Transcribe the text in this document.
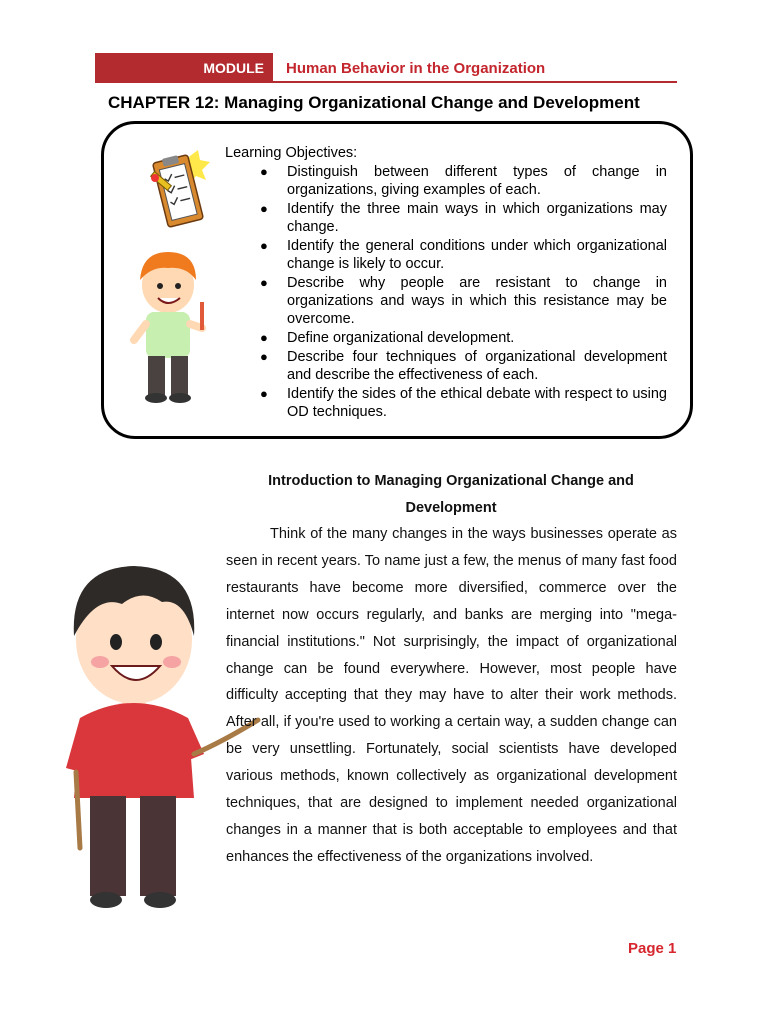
MODULE	Human Behavior in the Organization
CHAPTER 12: Managing Organizational Change and Development
Learning Objectives:
● Distinguish between different types of change in organizations, giving examples of each.
● Identify the three main ways in which organizations may change.
● Identify the general conditions under which organizational change is likely to occur.
● Describe why people are resistant to change in organizations and ways in which this resistance may be overcome.
● Define organizational development.
● Describe four techniques of organizational development and describe the effectiveness of each.
● Identify the sides of the ethical debate with respect to using OD techniques.
Introduction to Managing Organizational Change and Development

Think of the many changes in the ways businesses operate as seen in recent years. To name just a few, the menus of many fast food restaurants have become more diversified, commerce over the internet now occurs regularly, and banks are merging into "mega-financial institutions." Not surprisingly, the impact of organizational change can be found everywhere. However, most people have difficulty accepting that they may have to alter their work methods. After all, if you're used to working a certain way, a sudden change can be very unsettling. Fortunately, social scientists have developed various methods, known collectively as organizational development techniques, that are designed to implement needed organizational changes in a manner that is both acceptable to employees and that enhances the effectiveness of the organizations involved.

Page 1
